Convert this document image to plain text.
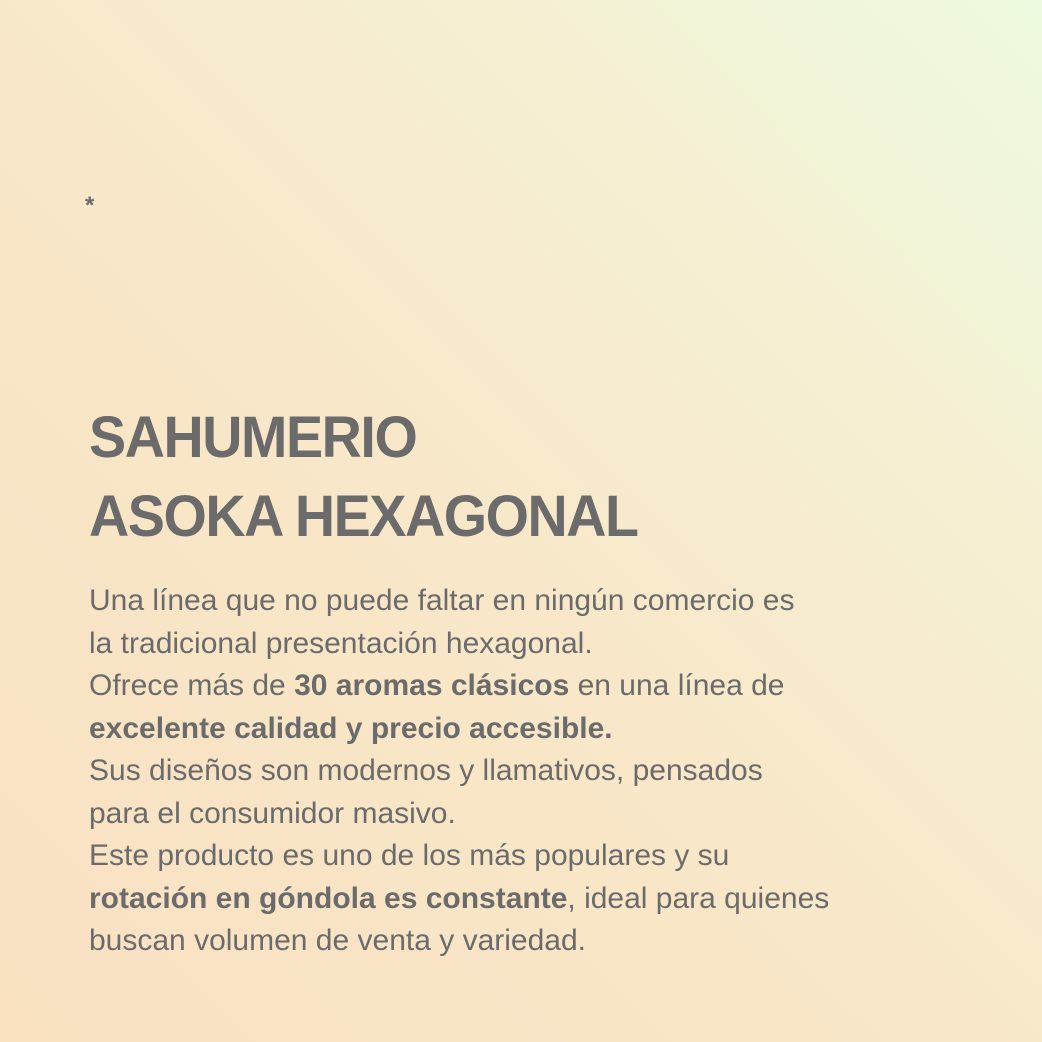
*
SAHUMERIO
ASOKA HEXAGONAL
Una línea que no puede faltar en ningún comercio es
la tradicional presentación hexagonal.
Ofrece más de 30 aromas clásicos en una línea de
excelente calidad y precio accesible.
Sus diseños son modernos y llamativos, pensados
para el consumidor masivo.
Este producto es uno de los más populares y su
rotación en góndola es constante, ideal para quienes
buscan volumen de venta y variedad.
